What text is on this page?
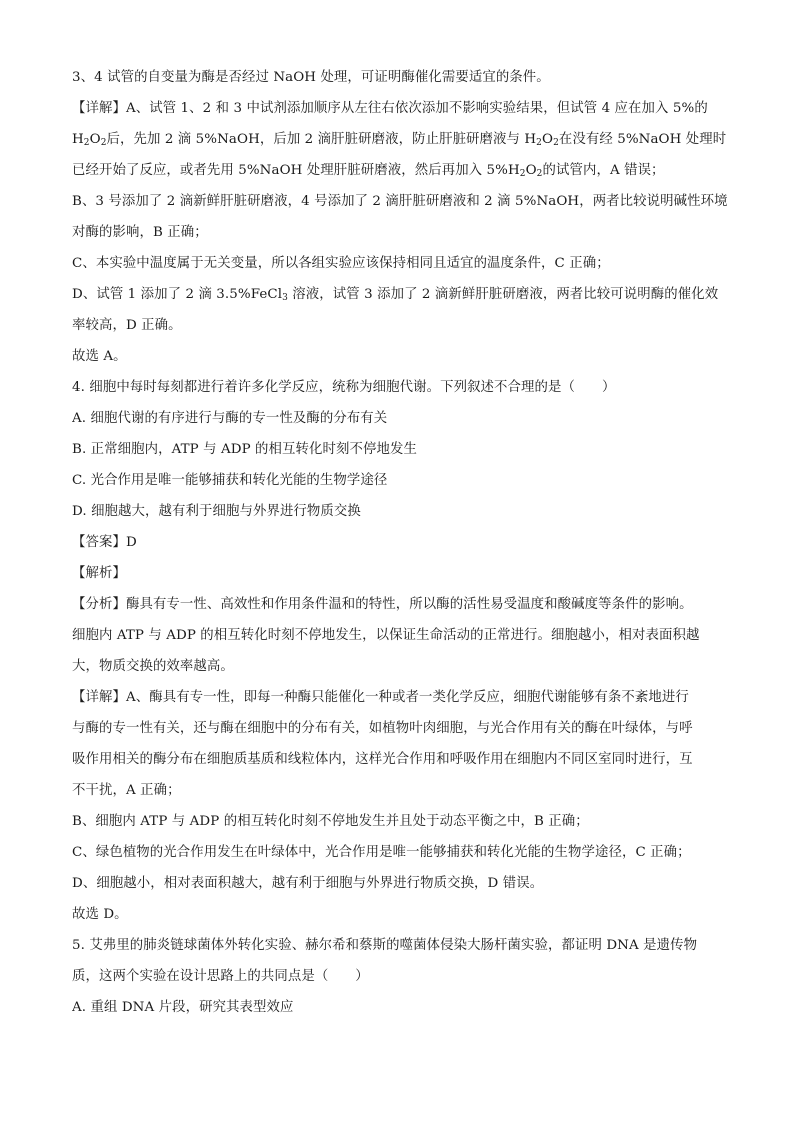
3、4 试管的自变量为酶是否经过 NaOH 处理，可证明酶催化需要适宜的条件。
【详解】A、试管 1、2 和 3 中试剂添加顺序从左往右依次添加不影响实验结果，但试管 4 应在加入 5%的
$H_2O_2$后，先加 2 滴 5%NaOH，后加 2 滴肝脏研磨液，防止肝脏研磨液与 $H_2O_2$在没有经 5%NaOH 处理时
已经开始了反应，或者先用 5%NaOH 处理肝脏研磨液，然后再加入 $5\%H_2O_2$的试管内，A 错误；
B、3 号添加了 2 滴新鲜肝脏研磨液，4 号添加了 2 滴肝脏研磨液和 2 滴 5%NaOH，两者比较说明碱性环境
对酶的影响，B 正确；
C、本实验中温度属于无关变量，所以各组实验应该保持相同且适宜的温度条件，C 正确；
D、试管 1 添加了 2 滴 3.5%FeCl$_3$ 溶液，试管 3 添加了 2 滴新鲜肝脏研磨液，两者比较可说明酶的催化效
率较高，D 正确。
故选 A。
4. 细胞中每时每刻都进行着许多化学反应，统称为细胞代谢。下列叙述不合理的是（　　）
A. 细胞代谢的有序进行与酶的专一性及酶的分布有关
B. 正常细胞内，ATP 与 ADP 的相互转化时刻不停地发生
C. 光合作用是唯一能够捕获和转化光能的生物学途径
D. 细胞越大，越有利于细胞与外界进行物质交换
【答案】D
【解析】
【分析】酶具有专一性、高效性和作用条件温和的特性，所以酶的活性易受温度和酸碱度等条件的影响。
细胞内 ATP 与 ADP 的相互转化时刻不停地发生，以保证生命活动的正常进行。细胞越小，相对表面积越
大，物质交换的效率越高。
【详解】A、酶具有专一性，即每一种酶只能催化一种或者一类化学反应，细胞代谢能够有条不紊地进行
与酶的专一性有关，还与酶在细胞中的分布有关，如植物叶肉细胞，与光合作用有关的酶在叶绿体，与呼
吸作用相关的酶分布在细胞质基质和线粒体内，这样光合作用和呼吸作用在细胞内不同区室同时进行，互
不干扰，A 正确；
B、细胞内 ATP 与 ADP 的相互转化时刻不停地发生并且处于动态平衡之中，B 正确；
C、绿色植物的光合作用发生在叶绿体中，光合作用是唯一能够捕获和转化光能的生物学途径，C 正确；
D、细胞越小，相对表面积越大，越有利于细胞与外界进行物质交换，D 错误。
故选 D。
5. 艾弗里的肺炎链球菌体外转化实验、赫尔希和蔡斯的噬菌体侵染大肠杆菌实验，都证明 DNA 是遗传物
质，这两个实验在设计思路上的共同点是（　　）
A. 重组 DNA 片段，研究其表型效应
